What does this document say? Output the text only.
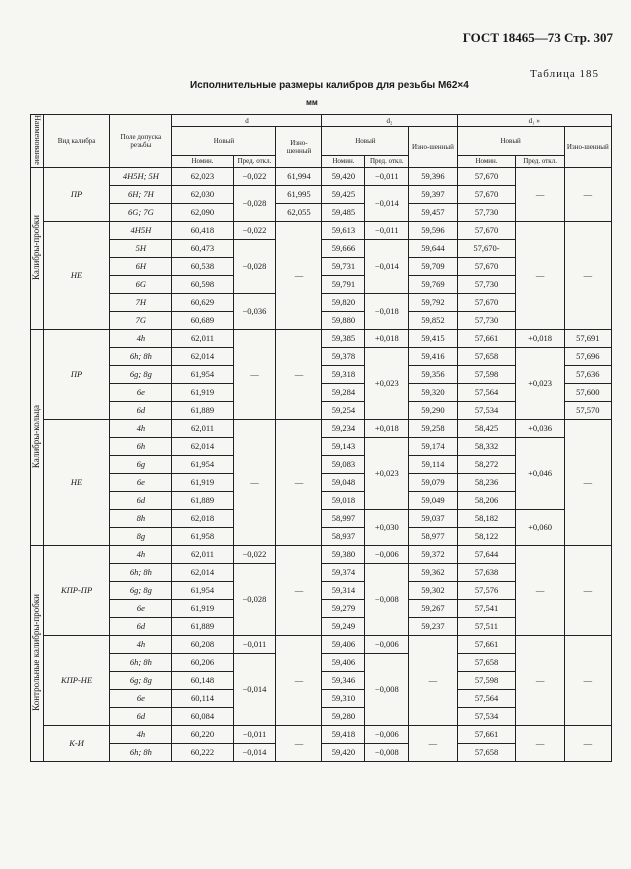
ГОСТ 18465—73 Стр. 307
Таблица 185
Исполнительные размеры калибров для резьбы М62×4
мм
Наименование	Вид калибра	Поле допуска резьбы	d			d₂			d₁ »		
			Новый		Изно-шенный	Новый		Изно-шенный	Новый		Изно-шенный
			Номин.	Пред. откл.		Номин.	Пред. откл.		Номин.	Пред. откл.	
Калибры-пробки	ПР	4H5H; 5H	62,023	−0,022	61,994	59,420	−0,011	59,396	57,670	—	—
		6H; 7H	62,030	−0,028	61,995	59,425	−0,014	59,397	57,670		
		6G; 7G	62,090		62,055	59,485		59,457	57,730		
	НЕ	4H5H	60,418	−0,022	—	59,613	−0,011	59,596	57,670	—	—
		5H	60,473	−0,028		59,666	−0,014	59,644	57,670-		
		6H	60,538			59,731		59,709	57,670		
		6G	60,598			59,791		59,769	57,730		
		7H	60,629	−0,036		59,820	−0,018	59,792	57,670		
		7G	60,689			59,880		59,852	57,730		
Калибры-кольца	ПР	4h	62,011	—	—	59,385	+0,018	59,415	57,661	+0,018	57,691
		6h; 8h	62,014			59,378	+0,023	59,416	57,658	+0,023	57,696
		6g; 8g	61,954			59,318		59,356	57,598		57,636
		6e	61,919			59,284		59,320	57,564		57,600
		6d	61,889			59,254		59,290	57,534		57,570
	НЕ	4h	62,011	—	—	59,234	+0,018	59,258	58,425	+0,036	—
		6h	62,014			59,143	+0,023	59,174	58,332	+0,046	
		6g	61,954			59,083		59,114	58,272		
		6e	61,919			59,048		59,079	58,236		
		6d	61,889			59,018		59,049	58,206		
		8h	62,018			58,997	+0,030	59,037	58,182	+0,060	
		8g	61,958			58,937		58,977	58,122		
Контрольные калибры-пробки	КПР-ПР	4h	62,011	−0,022	—	59,380	−0,006	59,372	57,644	—	—
		6h; 8h	62,014	−0,028		59,374	−0,008	59,362	57,638		
		6g; 8g	61,954			59,314		59,302	57,576		
		6e	61,919			59,279		59,267	57,541		
		6d	61,889			59,249		59,237	57,511		
	КПР-НЕ	4h	60,208	−0,011	—	59,406	−0,006	—	57,661	—	—
		6h; 8h	60,206	−0,014		59,406	−0,008		57,658		
		6g; 8g	60,148			59,346			57,598		
		6e	60,114			59,310			57,564		
		6d	60,084			59,280			57,534		
	К-И	4h	60,220	−0,011	—	59,418	−0,006	—	57,661	—	—
		6h; 8h	60,222	−0,014		59,420	−0,008		57,658		
